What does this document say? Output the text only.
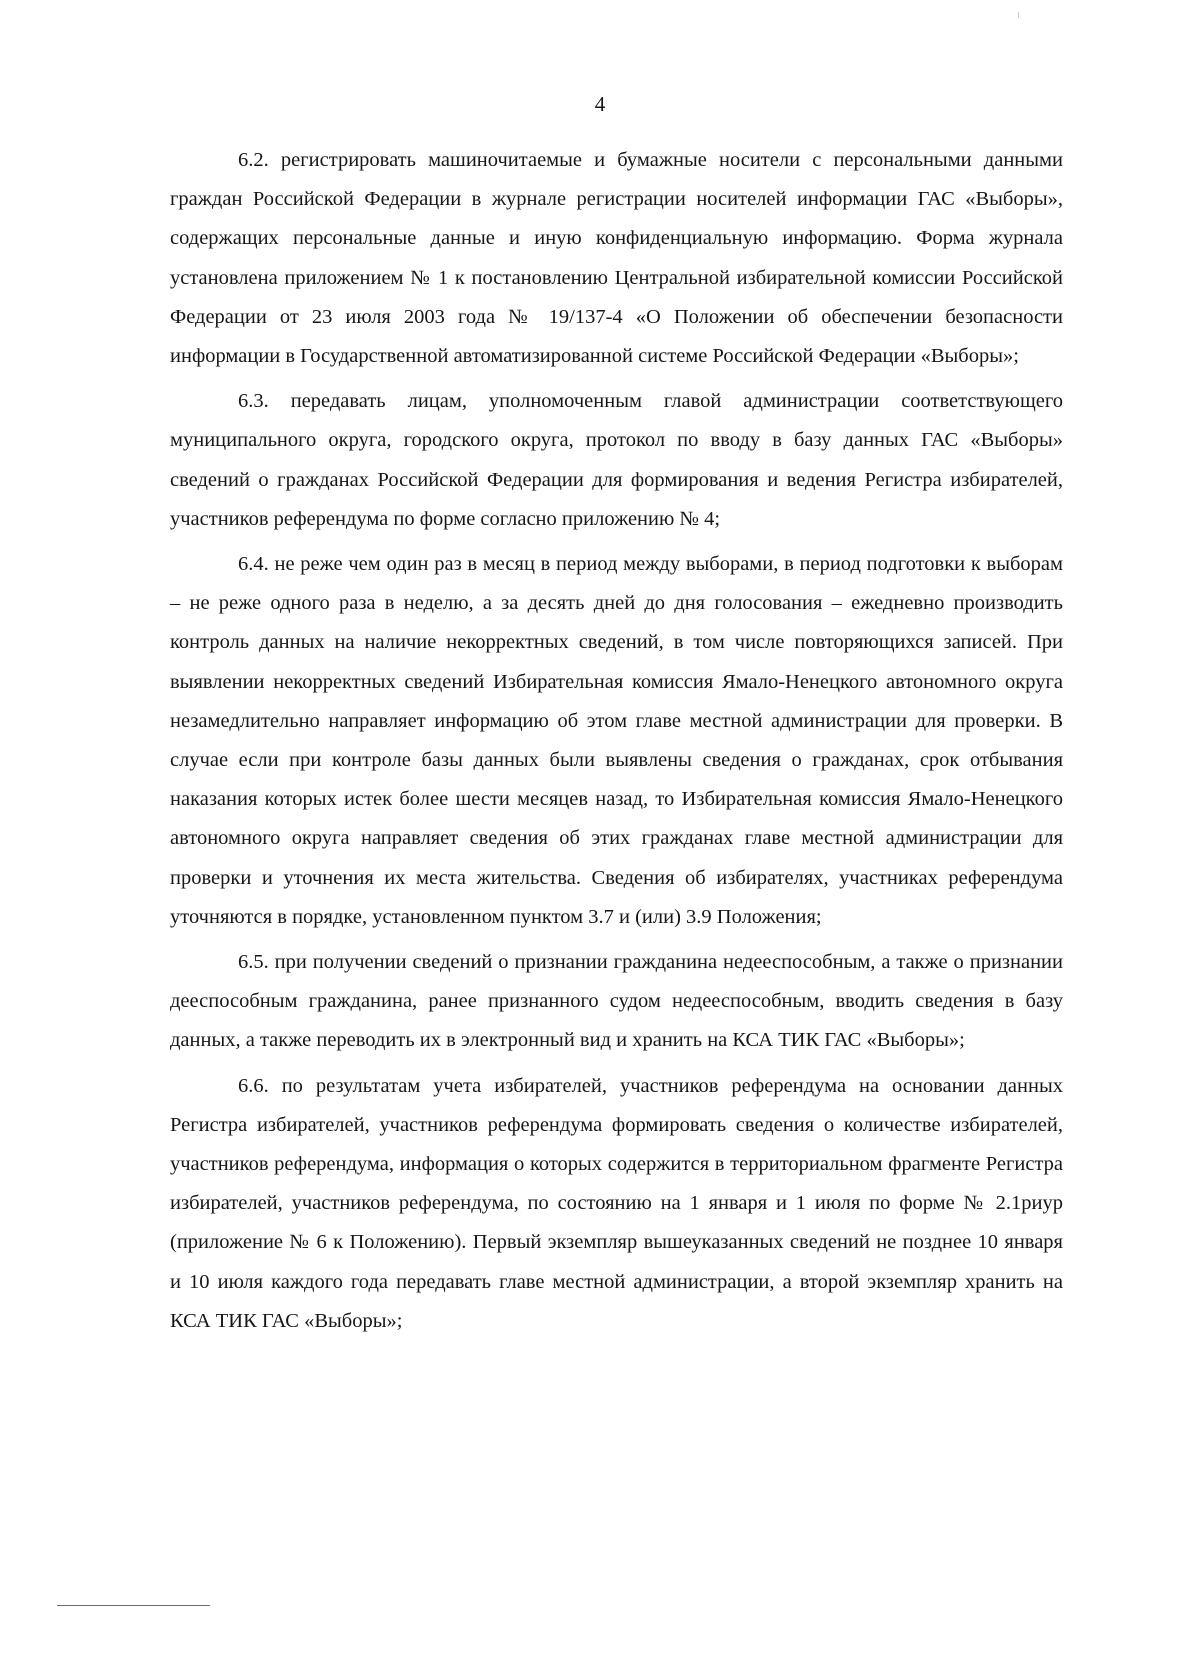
4

6.2. регистрировать машиночитаемые и бумажные носители с персональными данными граждан Российской Федерации в журнале регистрации носителей информации ГАС «Выборы», содержащих персональные данные и иную конфиденциальную информацию. Форма журнала установлена приложением № 1 к постановлению Центральной избирательной комиссии Российской Федерации от 23 июля 2003 года № 19/137-4 «О Положении об обеспечении безопасности информации в Государственной автоматизированной системе Российской Федерации «Выборы»;

6.3. передавать лицам, уполномоченным главой администрации соответствующего муниципального округа, городского округа, протокол по вводу в базу данных ГАС «Выборы» сведений о гражданах Российской Федерации для формирования и ведения Регистра избирателей, участников референдума по форме согласно приложению № 4;

6.4. не реже чем один раз в месяц в период между выборами, в период подготовки к выборам – не реже одного раза в неделю, а за десять дней до дня голосования – ежедневно производить контроль данных на наличие некорректных сведений, в том числе повторяющихся записей. При выявлении некорректных сведений Избирательная комиссия Ямало-Ненецкого автономного округа незамедлительно направляет информацию об этом главе местной администрации для проверки. В случае если при контроле базы данных были выявлены сведения о гражданах, срок отбывания наказания которых истек более шести месяцев назад, то Избирательная комиссия Ямало-Ненецкого автономного округа направляет сведения об этих гражданах главе местной администрации для проверки и уточнения их места жительства. Сведения об избирателях, участниках референдума уточняются в порядке, установленном пунктом 3.7 и (или) 3.9 Положения;

6.5. при получении сведений о признании гражданина недееспособным, а также о признании дееспособным гражданина, ранее признанного судом недееспособным, вводить сведения в базу данных, а также переводить их в электронный вид и хранить на КСА ТИК ГАС «Выборы»;

6.6. по результатам учета избирателей, участников референдума на основании данных Регистра избирателей, участников референдума формировать сведения о количестве избирателей, участников референдума, информация о которых содержится в территориальном фрагменте Регистра избирателей, участников референдума, по состоянию на 1 января и 1 июля по форме № 2.1риур (приложение № 6 к Положению). Первый экземпляр вышеуказанных сведений не позднее 10 января и 10 июля каждого года передавать главе местной администрации, а второй экземпляр хранить на КСА ТИК ГАС «Выборы»;
